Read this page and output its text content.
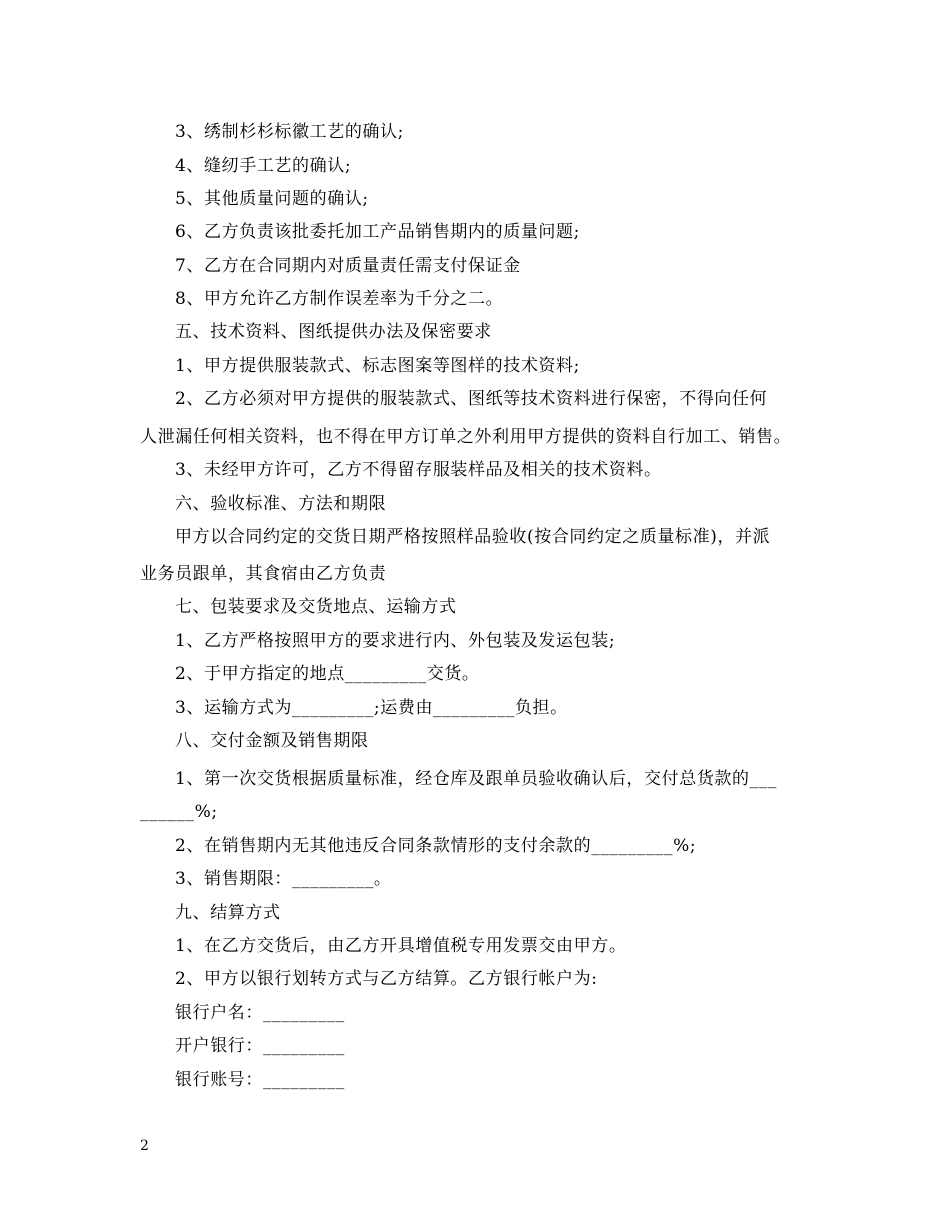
3、绣制杉杉标徽工艺的确认;
4、缝纫手工艺的确认;
5、其他质量问题的确认;
6、乙方负责该批委托加工产品销售期内的质量问题;
7、乙方在合同期内对质量责任需支付保证金
8、甲方允许乙方制作误差率为千分之二。
五、技术资料、图纸提供办法及保密要求
1、甲方提供服装款式、标志图案等图样的技术资料;
2、乙方必须对甲方提供的服装款式、图纸等技术资料进行保密，不得向任何
人泄漏任何相关资料，也不得在甲方订单之外利用甲方提供的资料自行加工、销售。
3、未经甲方许可，乙方不得留存服装样品及相关的技术资料。
六、验收标准、方法和期限
甲方以合同约定的交货日期严格按照样品验收(按合同约定之质量标准)，并派
业务员跟单，其食宿由乙方负责
七、包装要求及交货地点、运输方式
1、乙方严格按照甲方的要求进行内、外包装及发运包装;
2、于甲方指定的地点_________交货。
3、运输方式为_________;运费由_________负担。
八、交付金额及销售期限
1、第一次交货根据质量标准，经仓库及跟单员验收确认后，交付总货款的___
______%;
2、在销售期内无其他违反合同条款情形的支付余款的_________%;
3、销售期限：_________。
九、结算方式
1、在乙方交货后，由乙方开具增值税专用发票交由甲方。
2、甲方以银行划转方式与乙方结算。乙方银行帐户为:
银行户名：_________
开户银行：_________
银行账号：_________
2
